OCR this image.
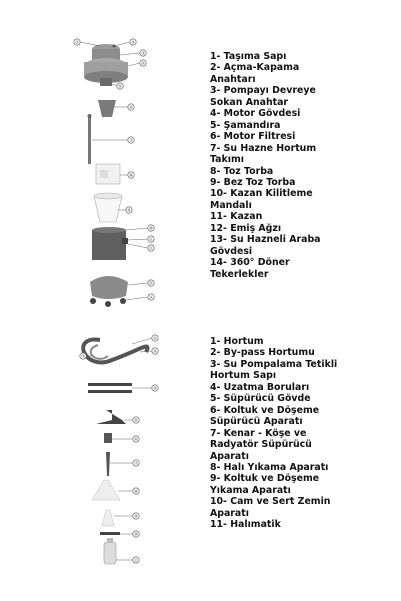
①	②
③
④
⑤
⑥
⑦
⑧
⑨
⑩
⑪
⑫
⑬
⑭
①
②
③
④
⑤
⑥
⑦
⑧
⑨
⑩
⑪
1- Taşıma Sapı
2- Açma-Kapama
Anahtarı
3- Pompayı Devreye
Sokan Anahtar
4- Motor Gövdesi
5- Şamandıra
6- Motor Filtresi
7- Su Hazne Hortum
Takımı
8- Toz Torba
9- Bez Toz Torba
10- Kazan Kilitleme
Mandalı
11- Kazan
12- Emiş Ağzı
13- Su Hazneli Araba
Gövdesi
14- 360° Döner
Tekerlekler
1- Hortum
2- By-pass Hortumu
3- Su Pompalama Tetikli
Hortum Sapı
4- Uzatma Boruları
5- Süpürücü Gövde
6- Koltuk ve Döşeme
Süpürücü Aparatı
7- Kenar - Köşe ve
Radyatör Süpürücü
Aparatı
8- Halı Yıkama Aparatı
9- Koltuk ve Döşeme
Yıkama Aparatı
10- Cam ve Sert Zemin
Aparatı
11- Halımatik
